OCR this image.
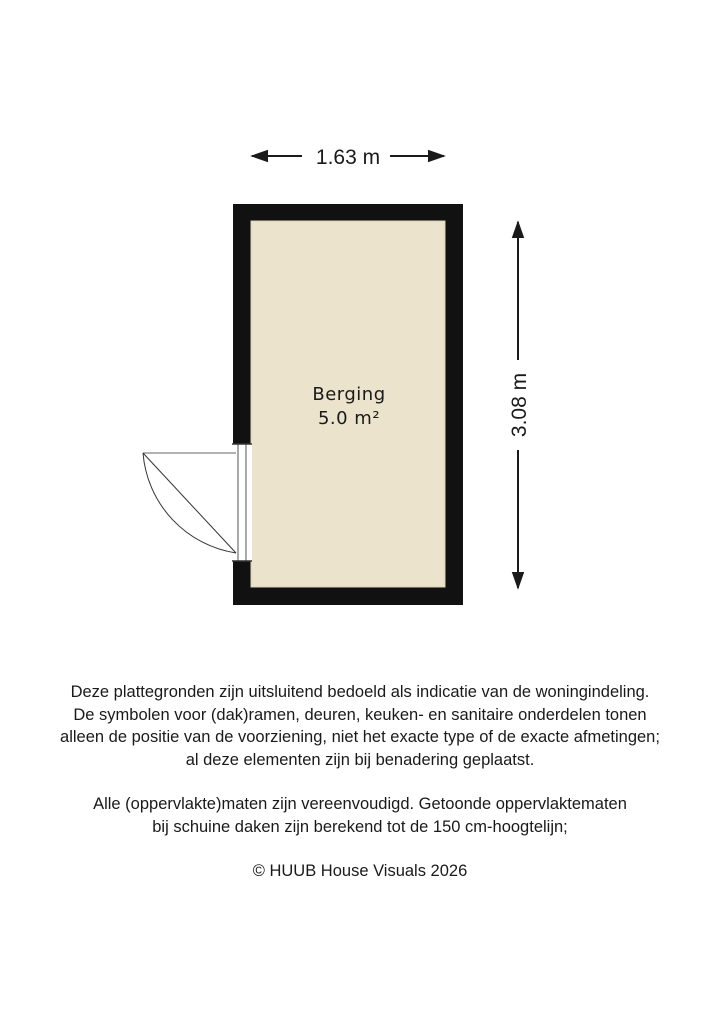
1.63 m
3.08 m
Berging
5.0 m²

Deze plattegronden zijn uitsluitend bedoeld als indicatie van de woningindeling.

De symbolen voor (dak)ramen, deuren, keuken- en sanitaire onderdelen tonen

alleen de positie van de voorziening, niet het exacte type of de exacte afmetingen;

al deze elementen zijn bij benadering geplaatst.

Alle (oppervlakte)maten zijn vereenvoudigd. Getoonde oppervlaktematen

bij schuine daken zijn berekend tot de 150 cm-hoogtelijn;

© HUUB House Visuals 2026
